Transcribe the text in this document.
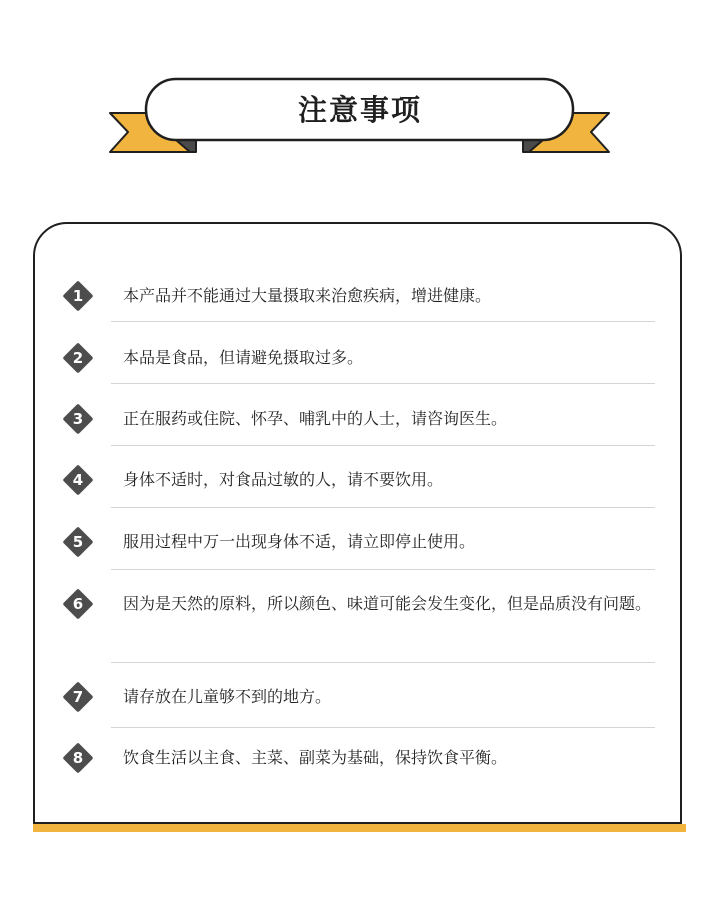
注意事项
1	本产品并不能通过大量摄取来治愈疾病，增进健康。
2	本品是食品，但请避免摄取过多。
3	正在服药或住院、怀孕、哺乳中的人士，请咨询医生。
4	身体不适时，对食品过敏的人，请不要饮用。
5	服用过程中万一出现身体不适，请立即停止使用。
6	因为是天然的原料，所以颜色、味道可能会发生变化，但是品质没有问题。
7	请存放在儿童够不到的地方。
8	饮食生活以主食、主菜、副菜为基础，保持饮食平衡。
